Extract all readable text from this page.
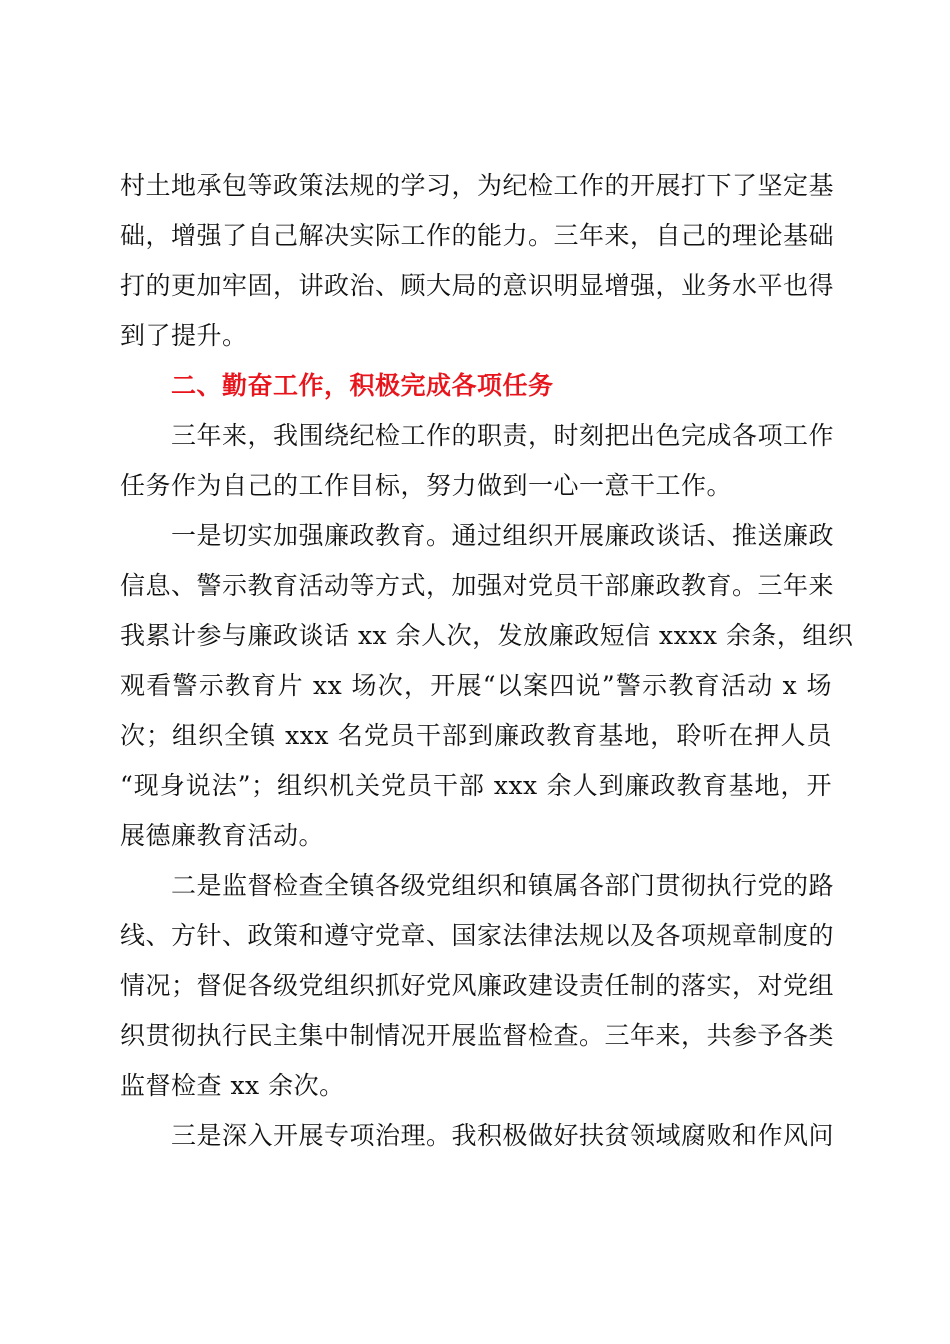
村土地承包等政策法规的学习，为纪检工作的开展打下了坚定基
础，增强了自己解决实际工作的能力。三年来，自己的理论基础
打的更加牢固，讲政治、顾大局的意识明显增强，业务水平也得
到了提升。
二、勤奋工作，积极完成各项任务
三年来，我围绕纪检工作的职责，时刻把出色完成各项工作
任务作为自己的工作目标，努力做到一心一意干工作。
一是切实加强廉政教育。通过组织开展廉政谈话、推送廉政
信息、警示教育活动等方式，加强对党员干部廉政教育。三年来
我累计参与廉政谈话 xx 余人次，发放廉政短信 xxxx 余条，组织
观看警示教育片 xx 场次，开展“以案四说”警示教育活动 x 场
次；组织全镇 xxx 名党员干部到廉政教育基地，聆听在押人员
“现身说法”；组织机关党员干部 xxx 余人到廉政教育基地，开
展德廉教育活动。
二是监督检查全镇各级党组织和镇属各部门贯彻执行党的路
线、方针、政策和遵守党章、国家法律法规以及各项规章制度的
情况；督促各级党组织抓好党风廉政建设责任制的落实，对党组
织贯彻执行民主集中制情况开展监督检查。三年来，共参予各类
监督检查 xx 余次。
三是深入开展专项治理。我积极做好扶贫领域腐败和作风问
